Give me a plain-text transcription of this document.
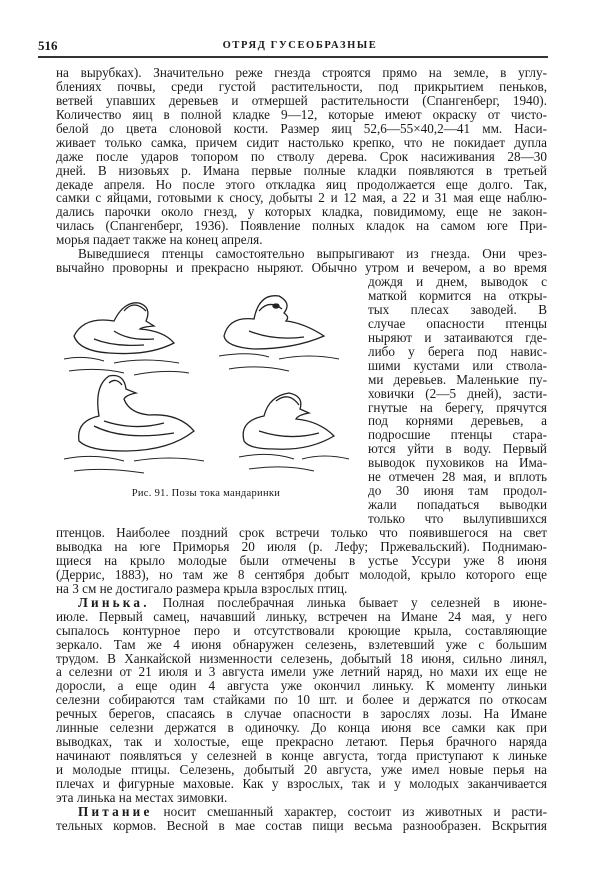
516	ОТРЯД ГУСЕОБРАЗНЫЕ
на вырубках). Значительно реже гнезда строятся прямо на земле, в углу-
блениях почвы, среди густой растительности, под прикрытием пеньков,
ветвей упавших деревьев и отмершей растительности (Спангенберг, 1940).
Количество яиц в полной кладке 9—12, которые имеют окраску от чисто-
белой до цвета слоновой кости. Размер яиц 52,6—55×40,2—41 мм. Наси-
живает только самка, причем сидит настолько крепко, что не покидает дупла
даже после ударов топором по стволу дерева. Срок насиживания 28—30
дней. В низовьях р. Имана первые полные кладки появляются в третьей
декаде апреля. Но после этого откладка яиц продолжается еще долго. Так,
самки с яйцами, готовыми к сносу, добыты 2 и 12 мая, а 22 и 31 мая еще наблю-
дались парочки около гнезд, у которых кладка, повидимому, еще не закон-
чилась (Спангенберг, 1936). Появление полных кладок на самом юге При-
морья падает также на конец апреля.
Выведшиеся птенцы самостоятельно выпрыгивают из гнезда. Они чрез-
вычайно проворны и прекрасно ныряют. Обычно утром и вечером, а во время
Рис. 91. Позы тока мандаринки
дождя и днем, выводок с
маткой кормится на откры-
тых плесах заводей. В
случае опасности птенцы
ныряют и затаиваются где-
либо у берега под навис-
шими кустами или ствола-
ми деревьев. Маленькие пу-
ховички (2—5 дней), засти-
гнутые на берегу, прячутся
под корнями деревьев, а
подросшие птенцы стара-
ются уйти в воду. Первый
выводок пуховиков на Има-
не отмечен 28 мая, и вплоть
до 30 июня там продол-
жали попадаться выводки
только что вылупившихся
птенцов. Наиболее поздний срок встречи только что появившегося на свет
выводка на юге Приморья 20 июля (р. Лефу; Пржевальский). Поднимаю-
щиеся на крыло молодые были отмечены в устье Уссури уже 8 июня
(Деррис, 1883), но там же 8 сентября добыт молодой, крыло которого еще
на 3 см не достигало размера крыла взрослых птиц.
Линька. Полная послебрачная линька бывает у селезней в июне-
июле. Первый самец, начавший линьку, встречен на Имане 24 мая, у него
сыпалось контурное перо и отсутствовали кроющие крыла, составляющие
зеркало. Там же 4 июня обнаружен селезень, взлетевший уже с большим
трудом. В Ханкайской низменности селезень, добытый 18 июня, сильно линял,
а селезни от 21 июля и 3 августа имели уже летний наряд, но махи их еще не
доросли, а еще один 4 августа уже окончил линьку. К моменту линьки
селезни собираются там стайками по 10 шт. и более и держатся по откосам
речных берегов, спасаясь в случае опасности в зарослях лозы. На Имане
линные селезни держатся в одиночку. До конца июня все самки как при
выводках, так и холостые, еще прекрасно летают. Перья брачного наряда
начинают появляться у селезней в конце августа, тогда приступают к линьке
и молодые птицы. Селезень, добытый 20 августа, уже имел новые перья на
плечах и фигурные маховые. Как у взрослых, так и у молодых заканчивается
эта линька на местах зимовки.
Питание носит смешанный характер, состоит из животных и расти-
тельных кормов. Весной в мае состав пищи весьма разнообразен. Вскрытия
